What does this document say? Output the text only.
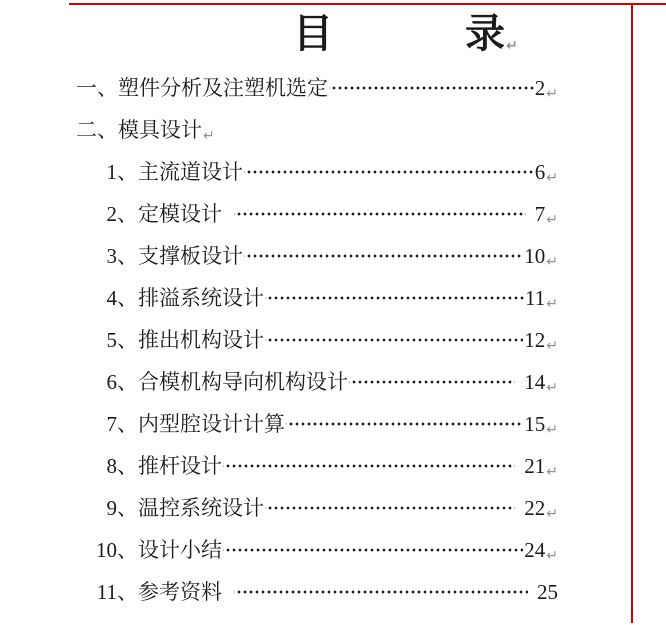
目	录 ↵
一、 塑件分析及注塑机选定	2 ↵
二、 模具设计 ↵
1、 主流道设计	6 ↵
2、 定模设计	7 ↵
3、 支撑板设计	10 ↵
4、 排溢系统设计	11 ↵
5、 推出机构设计	12 ↵
6、 合模机构导向机构设计	14 ↵
7、 内型腔设计计算	15 ↵
8、 推杆设计	21 ↵
9、 温控系统设计	22 ↵
10、 设计小结	24 ↵
11、 参考资料	25
